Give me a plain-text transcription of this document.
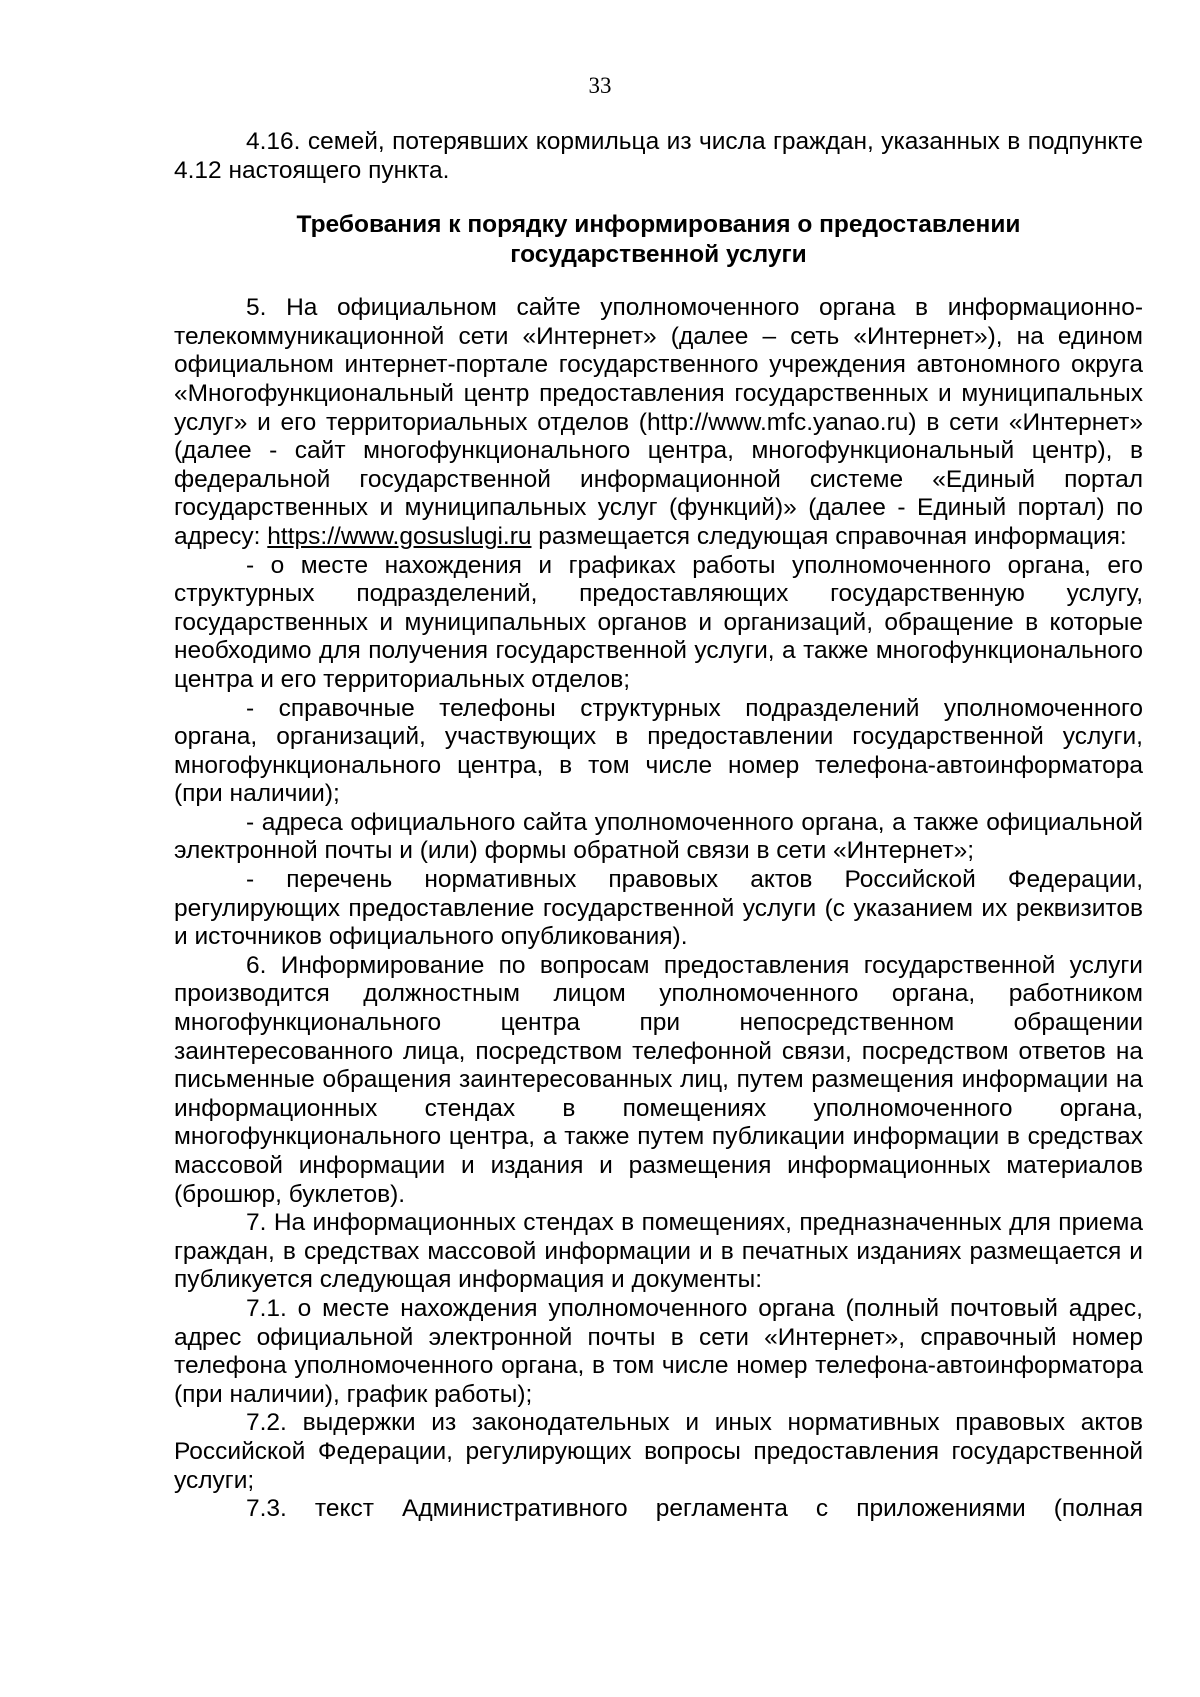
33

4.16. семей, потерявших кормильца из числа граждан, указанных в подпункте 4.12 настоящего пункта.

Требования к порядку информирования о предоставлении государственной услуги

5. На официальном сайте уполномоченного органа в информационно-телекоммуникационной сети «Интернет» (далее – сеть «Интернет»), на едином официальном интернет-портале государственного учреждения автономного округа «Многофункциональный центр предоставления государственных и муниципальных услуг» и его территориальных отделов (http://www.mfc.yanao.ru) в сети «Интернет» (далее - сайт многофункционального центра, многофункциональный центр), в федеральной государственной информационной системе «Единый портал государственных и муниципальных услуг (функций)» (далее - Единый портал) по адресу: https://www.gosuslugi.ru размещается следующая справочная информация:

- о месте нахождения и графиках работы уполномоченного органа, его структурных подразделений, предоставляющих государственную услугу, государственных и муниципальных органов и организаций, обращение в которые необходимо для получения государственной услуги, а также многофункционального центра и его территориальных отделов;

- справочные телефоны структурных подразделений уполномоченного органа, организаций, участвующих в предоставлении государственной услуги, многофункционального центра, в том числе номер телефона-автоинформатора (при наличии);

- адреса официального сайта уполномоченного органа, а также официальной электронной почты и (или) формы обратной связи в сети «Интернет»;

- перечень нормативных правовых актов Российской Федерации, регулирующих предоставление государственной услуги (с указанием их реквизитов и источников официального опубликования).

6. Информирование по вопросам предоставления государственной услуги производится должностным лицом уполномоченного органа, работником многофункционального центра при непосредственном обращении заинтересованного лица, посредством телефонной связи, посредством ответов на письменные обращения заинтересованных лиц, путем размещения информации на информационных стендах в помещениях уполномоченного органа, многофункционального центра, а также путем публикации информации в средствах массовой информации и издания и размещения информационных материалов (брошюр, буклетов).

7. На информационных стендах в помещениях, предназначенных для приема граждан, в средствах массовой информации и в печатных изданиях размещается и публикуется следующая информация и документы:

7.1. о месте нахождения уполномоченного органа (полный почтовый адрес, адрес официальной электронной почты в сети «Интернет», справочный номер телефона уполномоченного органа, в том числе номер телефона-автоинформатора (при наличии), график работы);

7.2. выдержки из законодательных и иных нормативных правовых актов Российской Федерации, регулирующих вопросы предоставления государственной услуги;

7.3. текст Административного регламента с приложениями (полная
